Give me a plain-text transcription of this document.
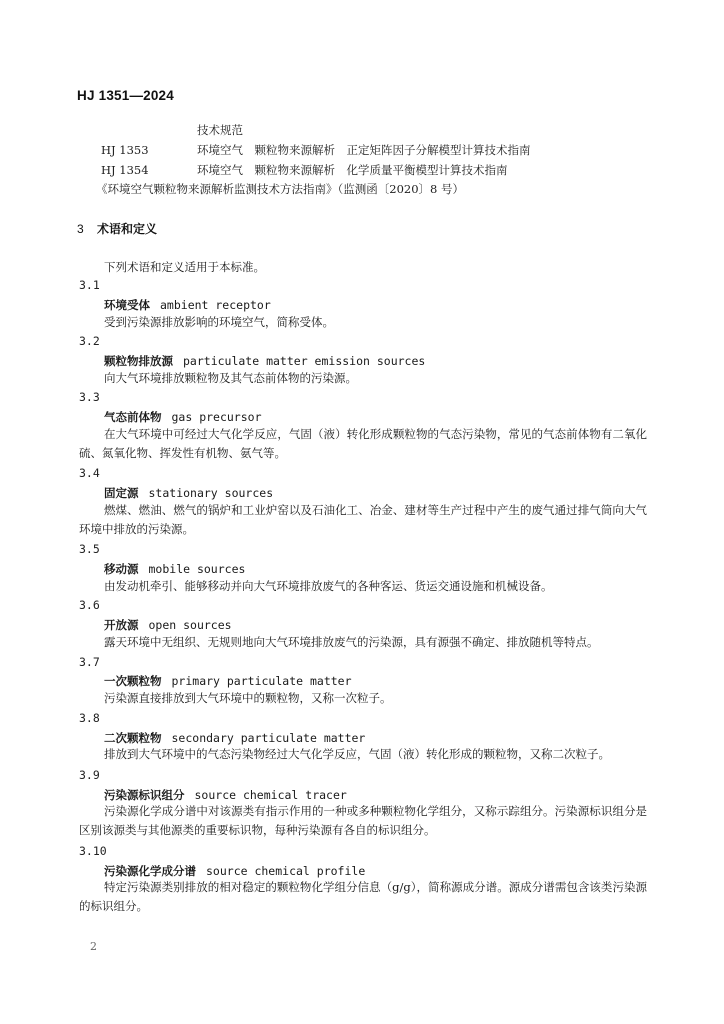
HJ 1351—2024
技术规范
HJ 1353	环境空气　颗粒物来源解析　正定矩阵因子分解模型计算技术指南
HJ 1354	环境空气　颗粒物来源解析　化学质量平衡模型计算技术指南
《环境空气颗粒物来源解析监测技术方法指南》（监测函〔2020〕8 号）
3 术语和定义
下列术语和定义适用于本标准。
3.1
环境受体 ambient receptor
受到污染源排放影响的环境空气，简称受体。
3.2
颗粒物排放源 particulate matter emission sources
向大气环境排放颗粒物及其气态前体物的污染源。
3.3
气态前体物 gas precursor
在大气环境中可经过大气化学反应，气固（液）转化形成颗粒物的气态污染物，常见的气态前体物有二氧化硫、氮氧化物、挥发性有机物、氨气等。
3.4
固定源 stationary sources
燃煤、燃油、燃气的锅炉和工业炉窑以及石油化工、冶金、建材等生产过程中产生的废气通过排气筒向大气环境中排放的污染源。
3.5
移动源 mobile sources
由发动机牵引、能够移动并向大气环境排放废气的各种客运、货运交通设施和机械设备。
3.6
开放源 open sources
露天环境中无组织、无规则地向大气环境排放废气的污染源，具有源强不确定、排放随机等特点。
3.7
一次颗粒物 primary particulate matter
污染源直接排放到大气环境中的颗粒物，又称一次粒子。
3.8
二次颗粒物 secondary particulate matter
排放到大气环境中的气态污染物经过大气化学反应，气固（液）转化形成的颗粒物，又称二次粒子。
3.9
污染源标识组分 source chemical tracer
污染源化学成分谱中对该源类有指示作用的一种或多种颗粒物化学组分，又称示踪组分。污染源标识组分是区别该源类与其他源类的重要标识物，每种污染源有各自的标识组分。
3.10
污染源化学成分谱 source chemical profile
特定污染源类别排放的相对稳定的颗粒物化学组分信息（g/g），简称源成分谱。源成分谱需包含该类污染源的标识组分。
2
